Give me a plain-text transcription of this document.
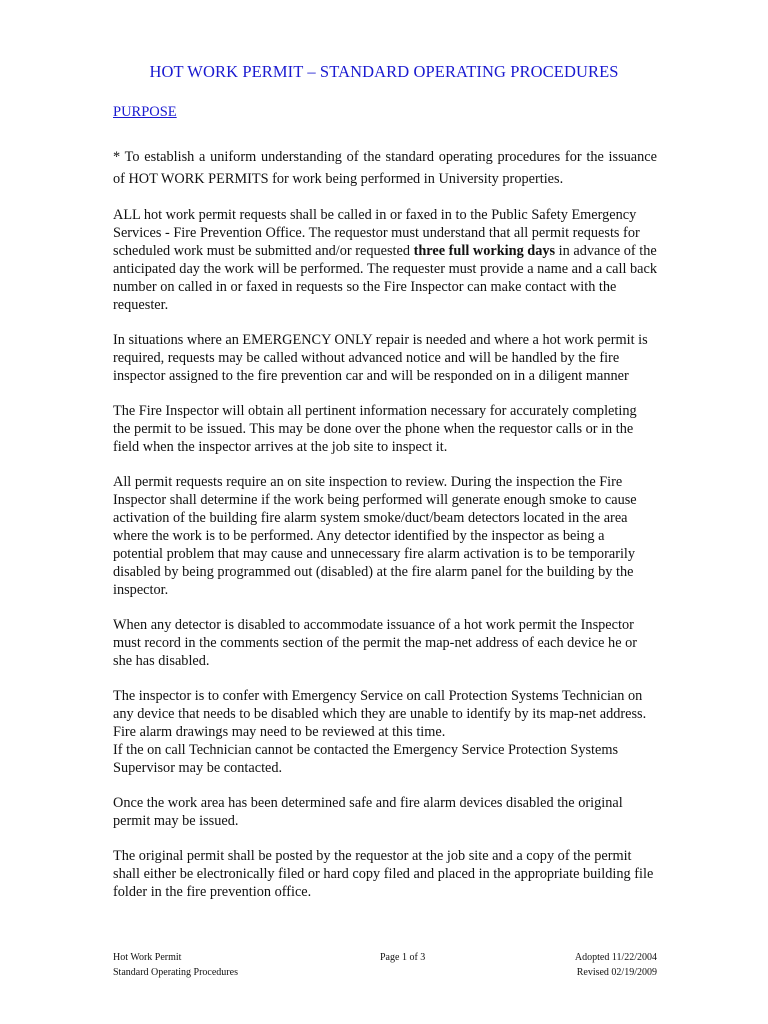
HOT WORK PERMIT – STANDARD OPERATING PROCEDURES
PURPOSE

* To establish a uniform understanding of the standard operating procedures for the issuance of HOT WORK PERMITS for work being performed in University properties.

ALL hot work permit requests shall be called in or faxed in to the Public Safety Emergency Services - Fire Prevention Office. The requestor must understand that all permit requests for scheduled work must be submitted and/or requested three full working days in advance of the anticipated day the work will be performed. The requester must provide a name and a call back number on called in or faxed in requests so the Fire Inspector can make contact with the requester.

In situations where an EMERGENCY ONLY repair is needed and where a hot work permit is required, requests may be called without advanced notice and will be handled by the fire inspector assigned to the fire prevention car and will be responded on in a diligent manner

The Fire Inspector will obtain all pertinent information necessary for accurately completing the permit to be issued. This may be done over the phone when the requestor calls or in the field when the inspector arrives at the job site to inspect it.

All permit requests require an on site inspection to review. During the inspection the Fire Inspector shall determine if the work being performed will generate enough smoke to cause activation of the building fire alarm system smoke/duct/beam detectors located in the area where the work is to be performed. Any detector identified by the inspector as being a potential problem that may cause and unnecessary fire alarm activation is to be temporarily disabled by being programmed out (disabled) at the fire alarm panel for the building by the inspector.

When any detector is disabled to accommodate issuance of a hot work permit the Inspector must record in the comments section of the permit the map-net address of each device he or she has disabled.

The inspector is to confer with Emergency Service on call Protection Systems Technician on any device that needs to be disabled which they are unable to identify by its map-net address. Fire alarm drawings may need to be reviewed at this time.

If the on call Technician cannot be contacted the Emergency Service Protection Systems Supervisor may be contacted.

Once the work area has been determined safe and fire alarm devices disabled the original permit may be issued.

The original permit shall be posted by the requestor at the job site and a copy of the permit shall either be electronically filed or hard copy filed and placed in the appropriate building file folder in the fire prevention office.

Hot Work Permit
Standard Operating Procedures
Page 1 of 3	Adopted 11/22/2004
Revised 02/19/2009
